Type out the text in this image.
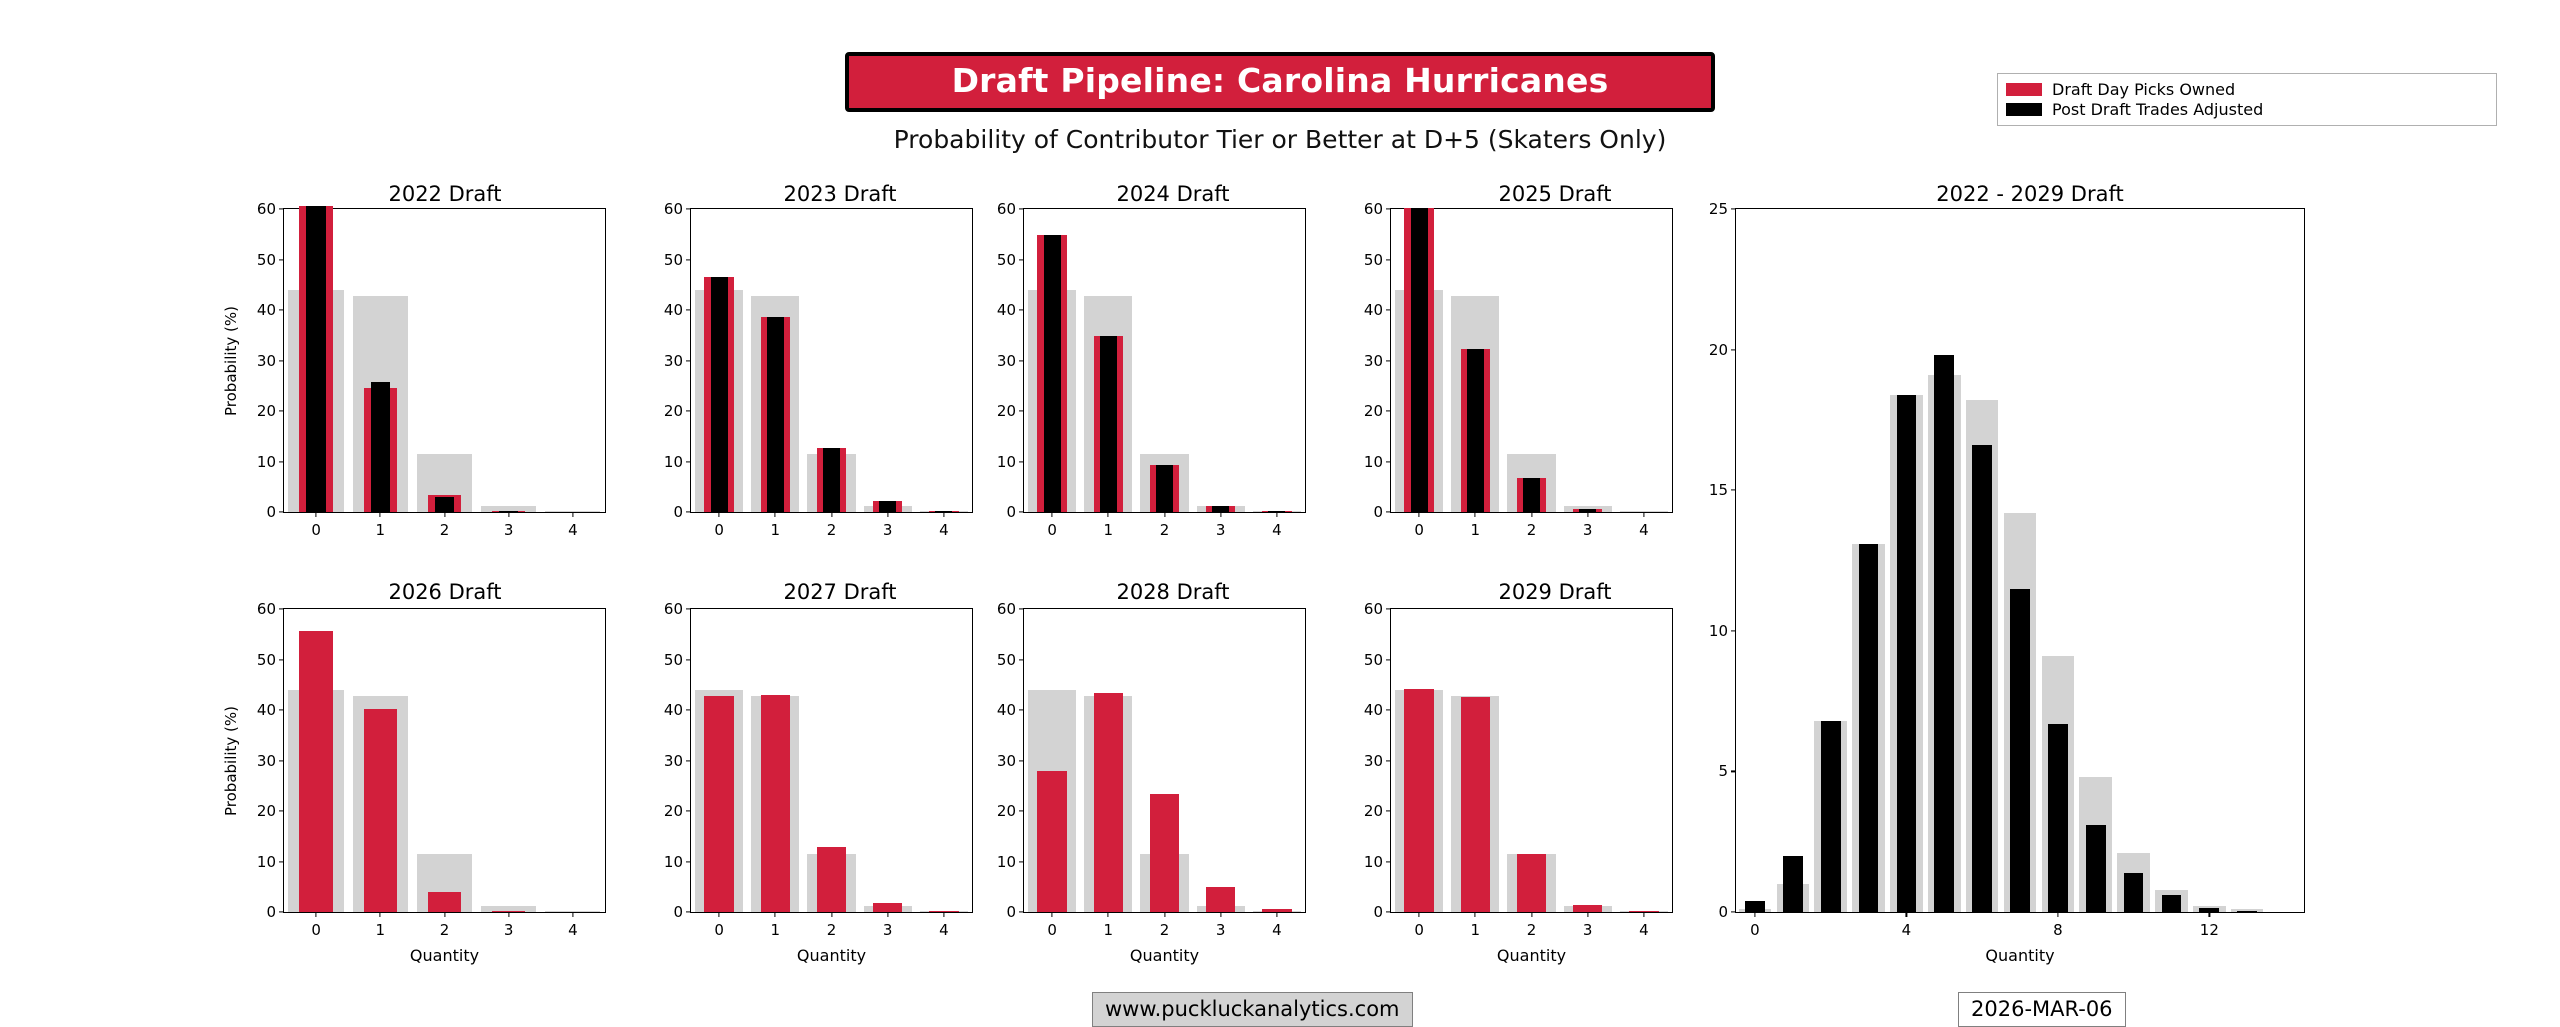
Draft Pipeline: Carolina Hurricanes
Probability of Contributor Tier or Better at D+5 (Skaters Only)
Draft Day Picks Owned
Post Draft Trades Adjusted
2022 Draft
0
10
20
30
40
50
60
0	1	2	3	4
Probability (%)
2023 Draft
0
10
20
30
40
50
60
0	1	2	3	4
2024 Draft
0
10
20
30
40
50
60
0	1	2	3	4
2025 Draft
0
10
20
30
40
50
60
0	1	2	3	4
2026 Draft
0
10
20
30
40
50
60
0	1	2	3	4
Probability (%)
Quantity
2027 Draft
0
10
20
30
40
50
60
0	1	2	3	4
Quantity
2028 Draft
0
10
20
30
40
50
60
0	1	2	3	4
Quantity
2029 Draft
0
10
20
30
40
50
60
0	1	2	3	4
Quantity
2022 - 2029 Draft
0
5
10
15
20
25
0	4	8	12
Quantity
www.puckluckanalytics.com	2026-MAR-06
